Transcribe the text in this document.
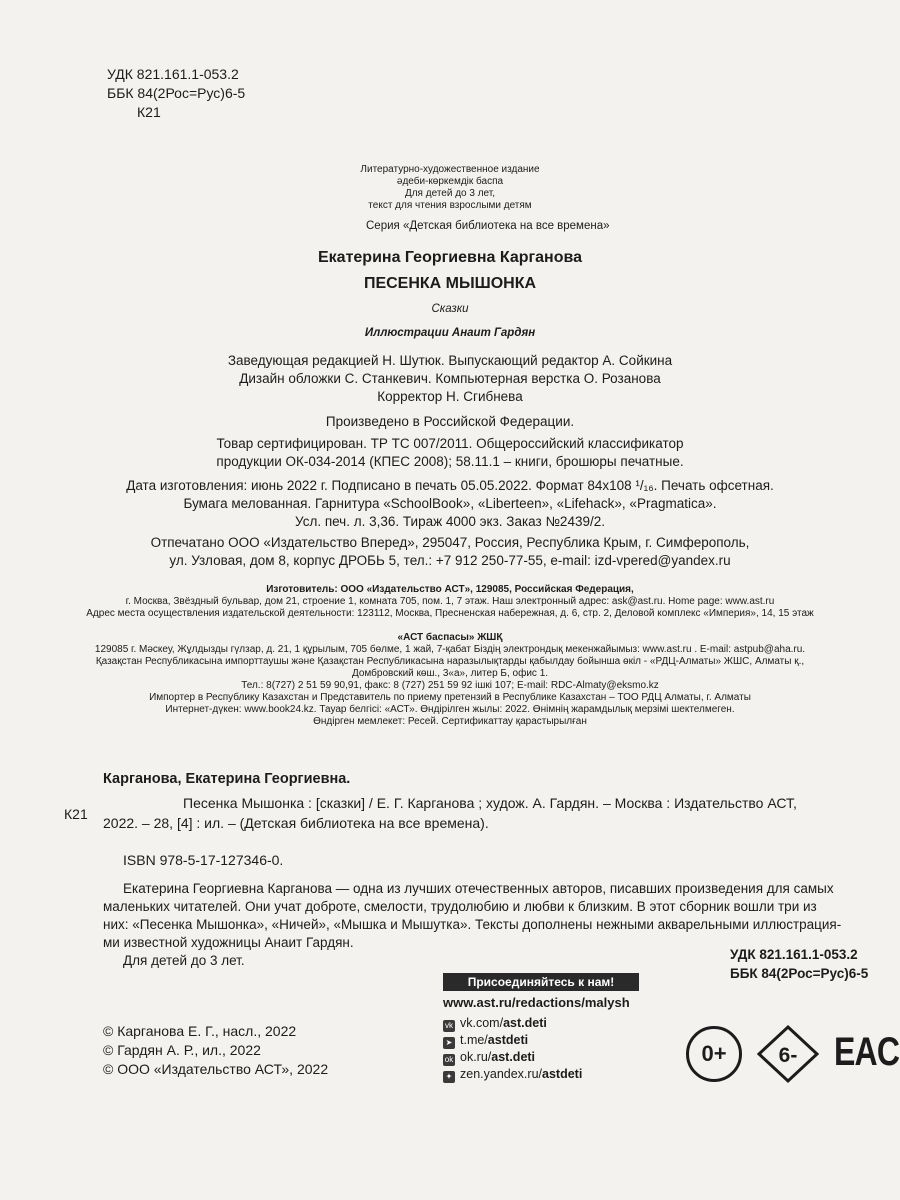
УДК 821.161.1-053.2
ББК 84(2Рос=Рус)6-5
К21

Литературно-художественное издание

әдеби-көркемдік баспа

Для детей до 3 лет,

текст для чтения взрослыми детям

Серия «Детская библиотека на все времена»
Екатерина Георгиевна Карганова
ПЕСЕНКА МЫШОНКА
Сказки
Иллюстрации Анаит Гардян

Заведующая редакцией Н. Шутюк. Выпускающий редактор А. Сойкина

Дизайн обложки С. Станкевич. Компьютерная верстка О. Розанова

Корректор Н. Сгибнева

Произведено в Российской Федерации.

Товар сертифицирован. ТР ТС 007/2011. Общероссийский классификатор

продукции ОК-034-2014 (КПЕС 2008); 58.11.1 – книги, брошюры печатные.

Дата изготовления: июнь 2022 г. Подписано в печать 05.05.2022. Формат 84x108 ¹/₁₆. Печать офсетная.

Бумага мелованная. Гарнитура «SchoolBook», «Liberteen», «Lifehack», «Pragmatica».

Усл. печ. л. 3,36. Тираж 4000 экз. Заказ №2439/2.

Отпечатано ООО «Издательство Вперед», 295047, Россия, Республика Крым, г. Симферополь,

ул. Узловая, дом 8, корпус ДРОБЬ 5, тел.: +7 912 250-77-55, e-mail: izd-vpered@yandex.ru

Изготовитель: ООО «Издательство АСТ», 129085, Российская Федерация,

г. Москва, Звёздный бульвар, дом 21, строение 1, комната 705, пом. 1, 7 этаж. Наш электронный адрес: ask@ast.ru. Home page: www.ast.ru

Адрес места осуществления издательской деятельности: 123112, Москва, Пресненская набережная, д. 6, стр. 2, Деловой комплекс «Империя», 14, 15 этаж

«АСТ баспасы» ЖШҚ

129085 г. Мәскеу, Жұлдызды гүлзар, д. 21, 1 құрылым, 705 бөлме, 1 жай, 7-қабат Біздің электрондық мекенжайымыз: www.ast.ru . E-mail: astpub@aha.ru.

Қазақстан Республикасына импорттаушы және Қазақстан Республикасына наразылықтарды қабылдау бойынша өкіл - «РДЦ-Алматы» ЖШС, Алматы қ.,

Домбровский көш., 3«а», литер Б, офис 1.

Тел.: 8(727) 2 51 59 90,91, факс: 8 (727) 251 59 92 ішкі 107; E-mail: RDC-Almaty@eksmo.kz

Импортер в Республику Казахстан и Представитель по приему претензий в Республике Казахстан – ТОО РДЦ Алматы, г. Алматы

Интернет-дүкен: www.book24.kz. Тауар белгісі: «АСТ». Өндірілген жылы: 2022. Өнімнің жарамдылық мерзімі шектелмеген.

Өндірген мемлекет: Ресей. Сертификаттау қарастырылған

Карганова, Екатерина Георгиевна.
Песенка Мышонка : [сказки] / Е. Г. Карганова ; худож. А. Гардян. – Москва : Издательство АСТ,
К21
2022. – 28, [4] : ил. – (Детская библиотека на все времена).
ISBN 978-5-17-127346-0.

Екатерина Георгиевна Карганова — одна из лучших отечественных авторов, писавших произведения для самых

маленьких читателей. Они учат доброте, смелости, трудолюбию и любви к близким. В этот сборник вошли три из

них: «Песенка Мышонка», «Ничей», «Мышка и Мышутка». Тексты дополнены нежными акварельными иллюстрация-

ми известной художницы Анаит Гардян.

Для детей до 3 лет.	УДК 821.161.1-053.2
ББК 84(2Рос=Рус)6-5
Присоединяйтесь к нам!
www.ast.ru/redactions/malysh
vk vk.com/ast.deti
➤ t.me/astdeti
ok ok.ru/ast.deti
✦ zen.yandex.ru/astdeti

© Карганова Е. Г., насл., 2022

© Гардян А. Р., ил., 2022

© ООО «Издательство АСТ», 2022

0+	6- EAC
